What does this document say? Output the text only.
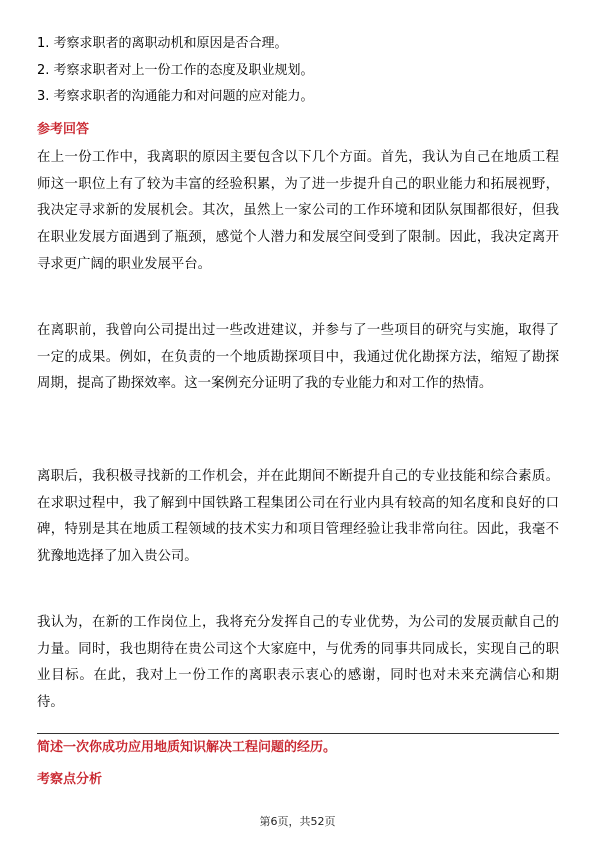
1. 考察求职者的离职动机和原因是否合理。
2. 考察求职者对上一份工作的态度及职业规划。
3. 考察求职者的沟通能力和对问题的应对能力。
参考回答

在上一份工作中，我离职的原因主要包含以下几个方面。首先，我认为自己在地质工程师这一职位上有了较为丰富的经验积累，为了进一步提升自己的职业能力和拓展视野，我决定寻求新的发展机会。其次，虽然上一家公司的工作环境和团队氛围都很好，但我在职业发展方面遇到了瓶颈，感觉个人潜力和发展空间受到了限制。因此，我决定离开寻求更广阔的职业发展平台。

在离职前，我曾向公司提出过一些改进建议，并参与了一些项目的研究与实施，取得了一定的成果。例如，在负责的一个地质勘探项目中，我通过优化勘探方法，缩短了勘探周期，提高了勘探效率。这一案例充分证明了我的专业能力和对工作的热情。

离职后，我积极寻找新的工作机会，并在此期间不断提升自己的专业技能和综合素质。在求职过程中，我了解到中国铁路工程集团公司在行业内具有较高的知名度和良好的口碑，特别是其在地质工程领域的技术实力和项目管理经验让我非常向往。因此，我毫不犹豫地选择了加入贵公司。

我认为，在新的工作岗位上，我将充分发挥自己的专业优势，为公司的发展贡献自己的力量。同时，我也期待在贵公司这个大家庭中，与优秀的同事共同成长，实现自己的职业目标。在此，我对上一份工作的离职表示衷心的感谢，同时也对未来充满信心和期待。

简述一次你成功应用地质知识解决工程问题的经历。
考察点分析
第6页，共52页
